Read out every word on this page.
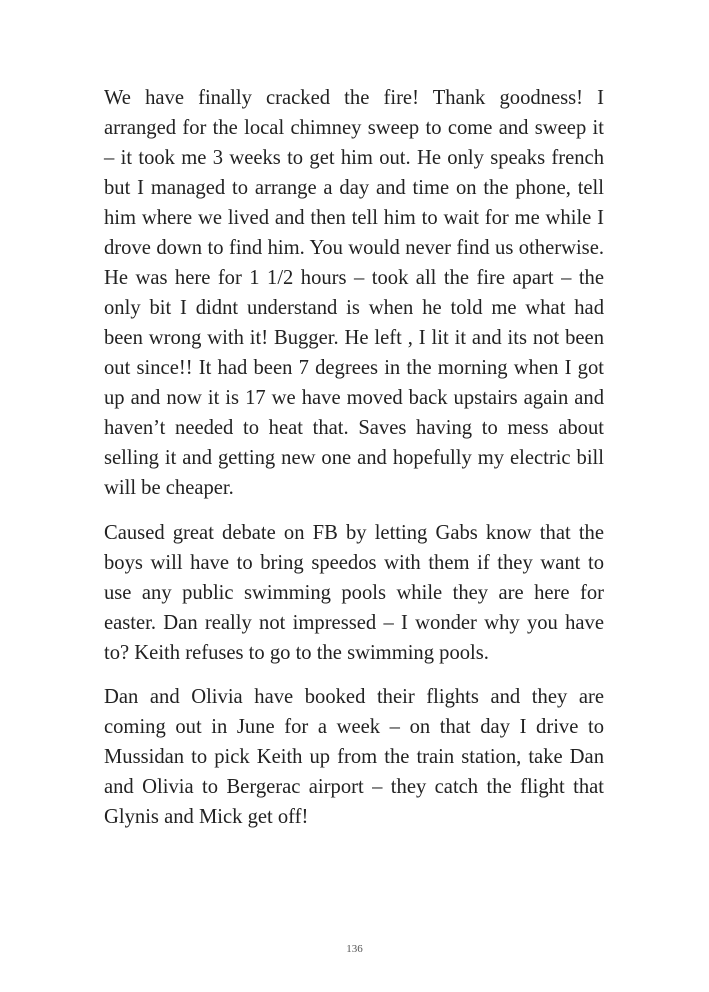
We have finally cracked the fire! Thank goodness! I arranged for the local chimney sweep to come and sweep it – it took me 3 weeks to get him out. He only speaks french but I managed to arrange a day and time on the phone, tell him where we lived and then tell him to wait for me while I drove down to find him. You would never find us otherwise. He was here for 1 1/2 hours – took all the fire apart – the only bit I didnt understand is when he told me what had been wrong with it! Bugger. He left , I lit it and its not been out since!! It had been 7 degrees in the morning when I got up and now it is 17 we have moved back upstairs again and haven’t needed to heat that. Saves having to mess about selling it and getting new one and hopefully my electric bill will be cheaper.

Caused great debate on FB by letting Gabs know that the boys will have to bring speedos with them if they want to use any public swimming pools while they are here for easter. Dan really not impressed – I wonder why you have to? Keith refuses to go to the swimming pools.

Dan and Olivia have booked their flights and they are coming out in June for a week – on that day I drive to Mussidan to pick Keith up from the train station, take Dan and Olivia to Bergerac airport – they catch the flight that Glynis and Mick get off!

136
